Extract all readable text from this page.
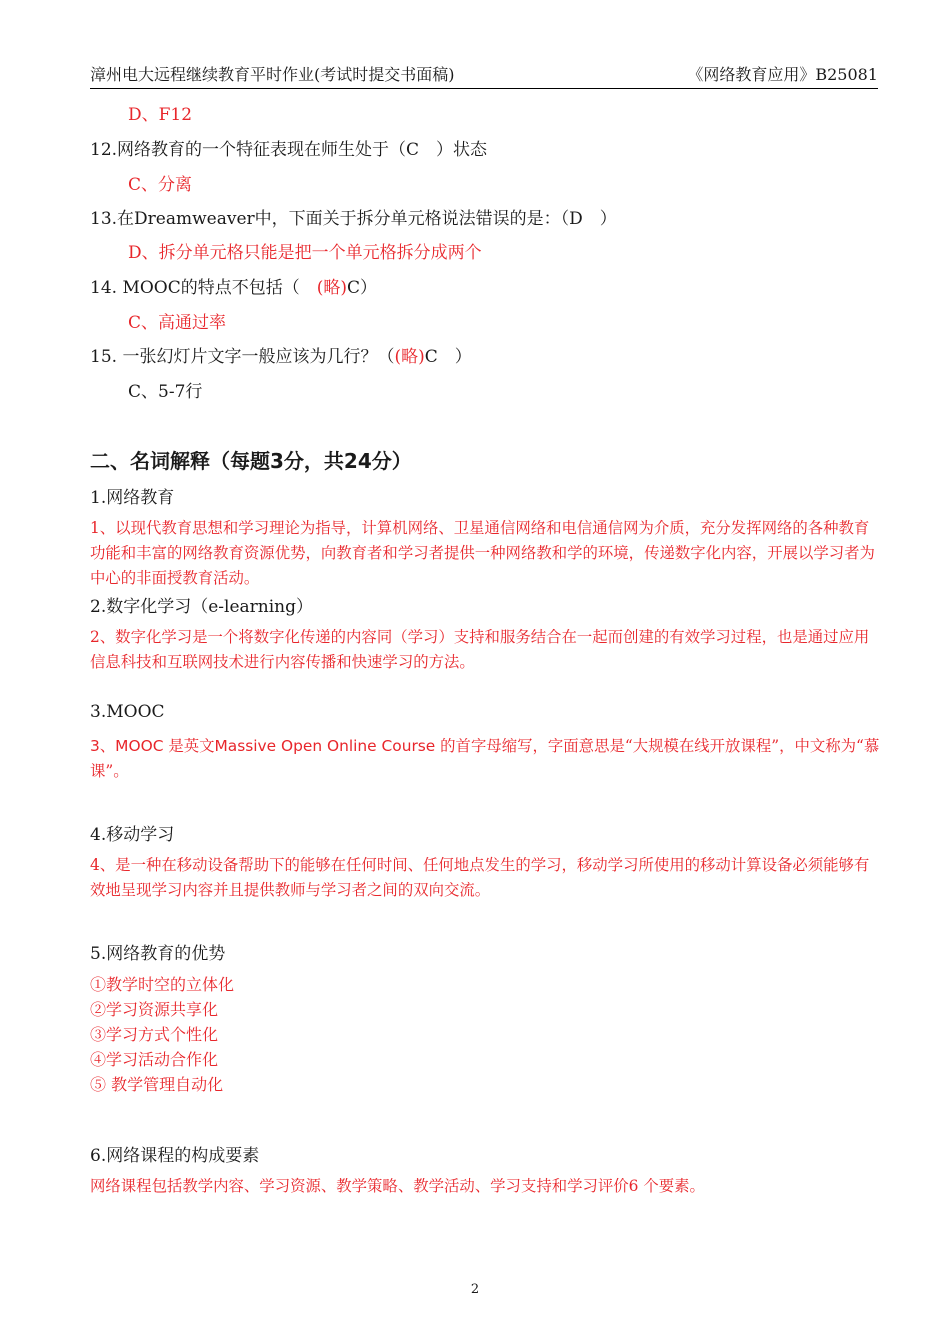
漳州电大远程继续教育平时作业(考试时提交书面稿)	《网络教育应用》B25081
D、F12
12.网络教育的一个特征表现在师生处于（C　）状态
C、分离
13.在Dreamweaver中，下面关于拆分单元格说法错误的是：（D　）
D、拆分单元格只能是把一个单元格拆分成两个
14. MOOC的特点不包括（　(略)C）
C、高通过率
15. 一张幻灯片文字一般应该为几行？（(略)C　）
C、5-7行
二、名词解释（每题3分，共24分）
1.网络教育
1、以现代教育思想和学习理论为指导，计算机网络、卫星通信网络和电信通信网为介质，充分发挥网络的各种教育功能和丰富的网络教育资源优势，向教育者和学习者提供一种网络教和学的环境，传递数字化内容，开展以学习者为中心的非面授教育活动。
2.数字化学习（e-learning）
2、数字化学习是一个将数字化传递的内容同（学习）支持和服务结合在一起而创建的有效学习过程，也是通过应用信息科技和互联网技术进行内容传播和快速学习的方法。
3.MOOC
3、MOOC 是英文Massive Open Online Course 的首字母缩写，字面意思是“大规模在线开放课程”，中文称为“慕课”。
4.移动学习
4、是一种在移动设备帮助下的能够在任何时间、任何地点发生的学习，移动学习所使用的移动计算设备必须能够有效地呈现学习内容并且提供教师与学习者之间的双向交流。
5.网络教育的优势
①教学时空的立体化
②学习资源共享化
③学习方式个性化
④学习活动合作化
⑤ 教学管理自动化
6.网络课程的构成要素
网络课程包括教学内容、学习资源、教学策略、教学活动、学习支持和学习评价6 个要素。
2
